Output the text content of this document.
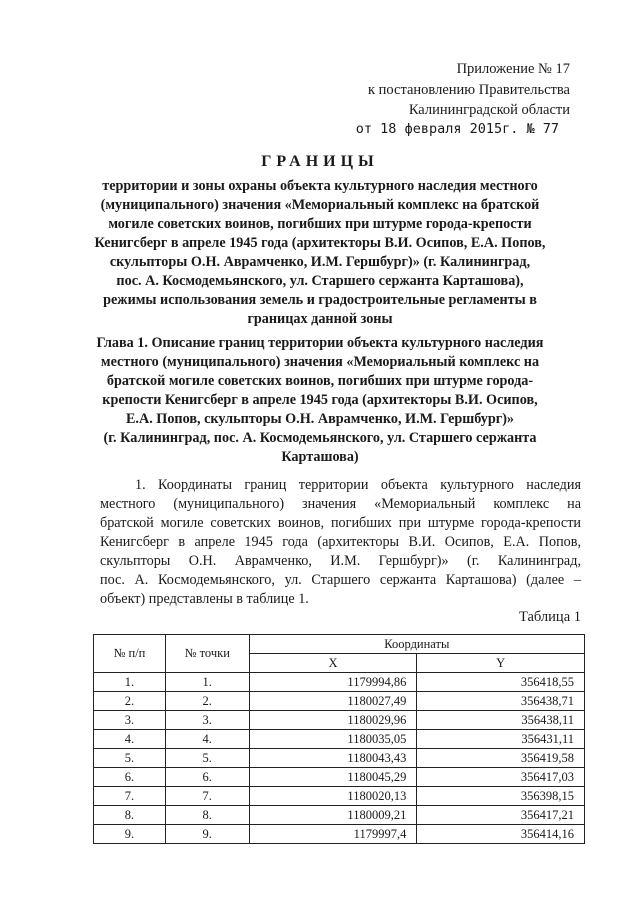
Приложение № 17
к постановлению Правительства
Калининградской области
от 18 февраля 2015г. № 77
ГРАНИЦЫ
территории и зоны охраны объекта культурного наследия местного
(муниципального) значения «Мемориальный комплекс на братской
могиле советских воинов, погибших при штурме города-крепости
Кенигсберг в апреле 1945 года (архитекторы В.И. Осипов, Е.А. Попов,
скульпторы О.Н. Аврамченко, И.М. Гершбург)» (г. Калининград,
пос. А. Космодемьянского, ул. Старшего сержанта Карташова),
режимы использования земель и градостроительные регламенты в
границах данной зоны
Глава 1. Описание границ территории объекта культурного наследия
местного (муниципального) значения «Мемориальный комплекс на
братской могиле советских воинов, погибших при штурме города-
крепости Кенигсберг в апреле 1945 года (архитекторы В.И. Осипов,
Е.А. Попов, скульпторы О.Н. Аврамченко, И.М. Гершбург)»
(г. Калининград, пос. А. Космодемьянского, ул. Старшего сержанта
Карташова)
1. Координаты границ территории объекта культурного наследия
местного (муниципального) значения «Мемориальный комплекс на
братской могиле советских воинов, погибших при штурме города-крепости
Кенигсберг в апреле 1945 года (архитекторы В.И. Осипов, Е.А. Попов,
скульпторы О.Н. Аврамченко, И.М. Гершбург)» (г. Калининград,
пос. А. Космодемьянского, ул. Старшего сержанта Карташова) (далее –
объект) представлены в таблице 1.
Таблица 1
№ п/п	№ точки	Координаты	
		X	Y
1.	1.	1179994,86	356418,55
2.	2.	1180027,49	356438,71
3.	3.	1180029,96	356438,11
4.	4.	1180035,05	356431,11
5.	5.	1180043,43	356419,58
6.	6.	1180045,29	356417,03
7.	7.	1180020,13	356398,15
8.	8.	1180009,21	356417,21
9.	9.	1179997,4	356414,16
